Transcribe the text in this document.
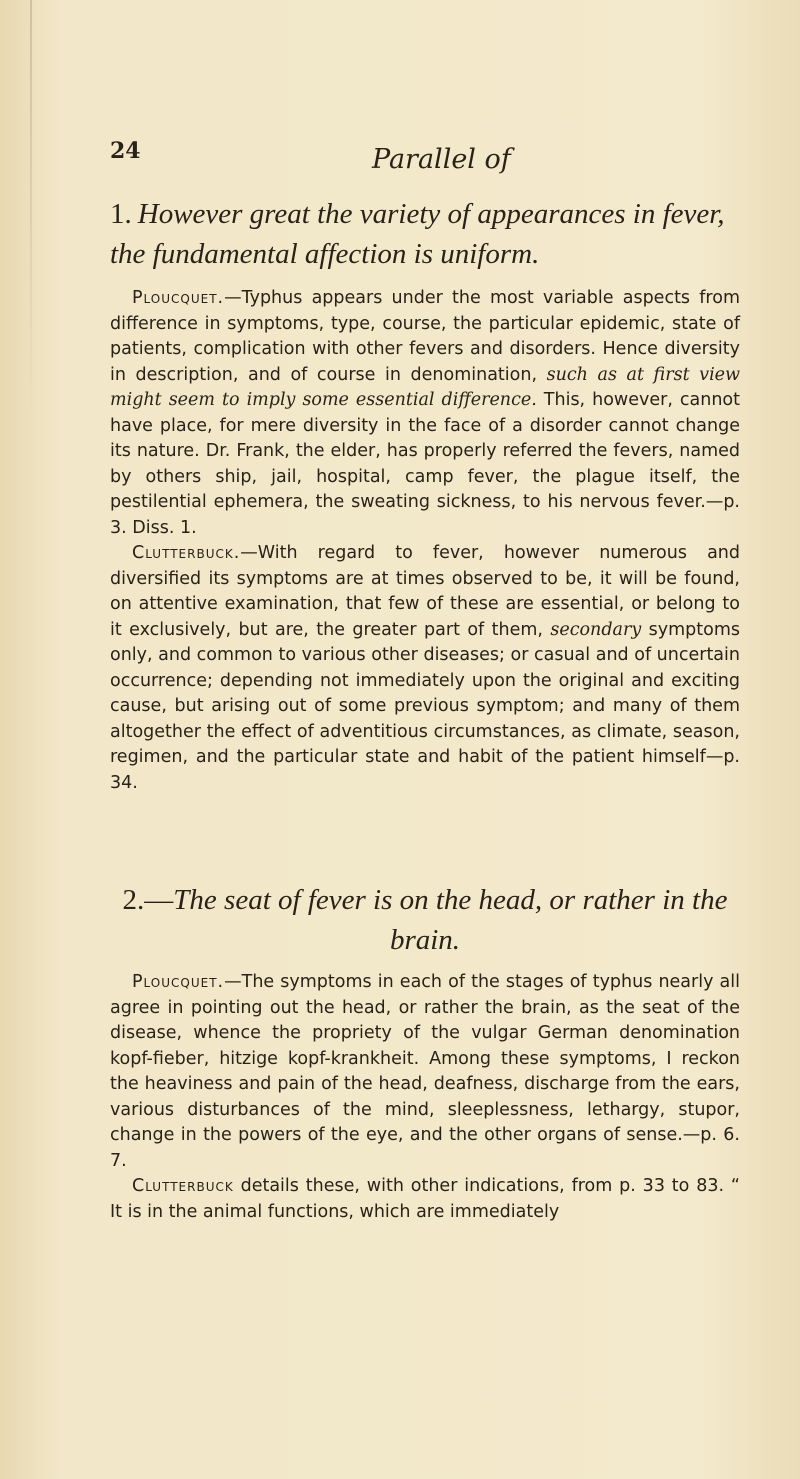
24	Parallel of

1. However great the variety of appearances in fever, the fundamental affection is uniform.

Ploucquet.—Typhus appears under the most variable aspects from difference in symptoms, type, course, the particular epidemic, state of patients, complication with other fevers and disorders. Hence diversity in description, and of course in denomination, such as at first view might seem to imply some essential difference. This, however, cannot have place, for mere diversity in the face of a disorder cannot change its nature. Dr. Frank, the elder, has properly referred the fevers, named by others ship, jail, hospital, camp fever, the plague itself, the pestilential ephemera, the sweating sickness, to his nervous fever.—p. 3. Diss. 1.

Clutterbuck.—With regard to fever, however numerous and diversified its symptoms are at times observed to be, it will be found, on attentive examination, that few of these are essential, or belong to it exclusively, but are, the greater part of them, secondary symptoms only, and common to various other diseases; or casual and of uncertain occurrence; depending not immediately upon the original and exciting cause, but arising out of some previous symptom; and many of them altogether the effect of adventitious circumstances, as climate, season, regimen, and the particular state and habit of the patient himself—p. 34.

2.—The seat of fever is on the head, or rather in the brain.

Ploucquet.—The symptoms in each of the stages of typhus nearly all agree in pointing out the head, or rather the brain, as the seat of the disease, whence the propriety of the vulgar German denomination kopf-fieber, hitzige kopf-krankheit. Among these symptoms, I reckon the heaviness and pain of the head, deafness, discharge from the ears, various disturbances of the mind, sleeplessness, lethargy, stupor, change in the powers of the eye, and the other organs of sense.—p. 6. 7.

Clutterbuck details these, with other indications, from p. 33 to 83. “ It is in the animal functions, which are immediately
